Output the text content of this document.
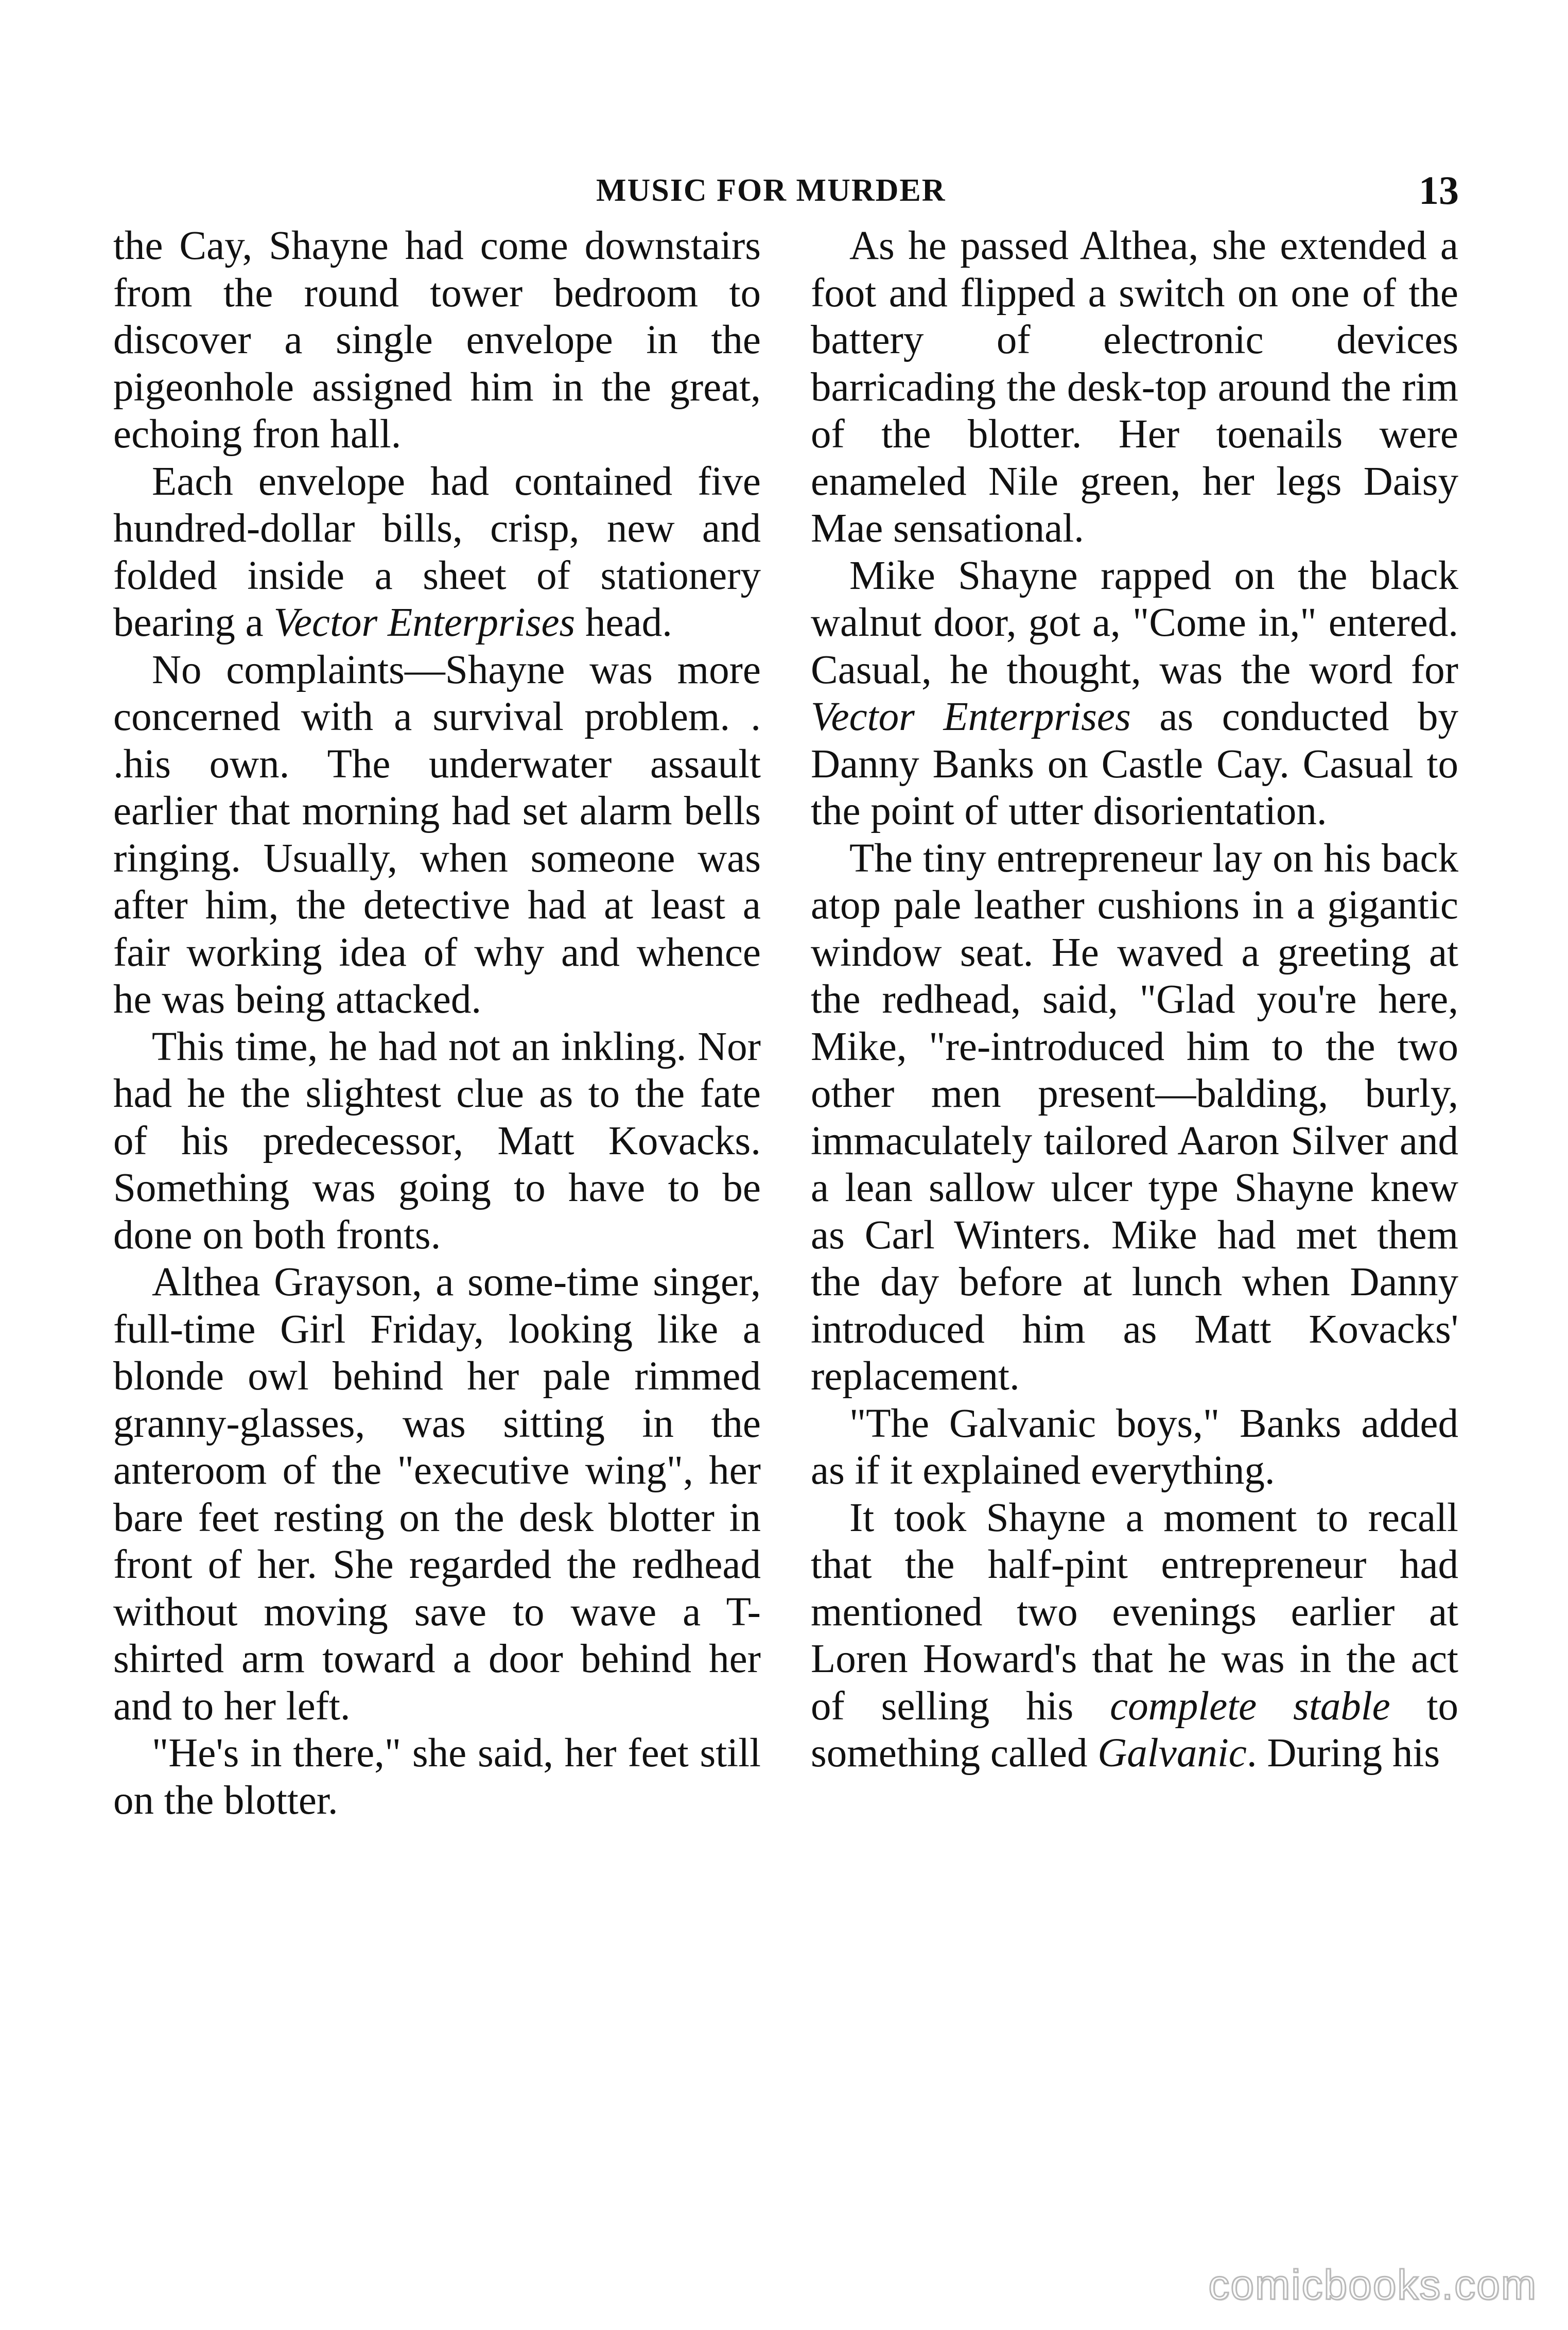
MUSIC FOR MURDER	13

the Cay, Shayne had come downstairs from the round tower bedroom to discover a single envelope in the pigeonhole assigned him in the great, echoing fron hall.

Each envelope had contained five hundred-dollar bills, crisp, new and folded inside a sheet of stationery bearing a Vector Enterprises head.

No complaints—Shayne was more concerned with a survival problem. . .his own. The underwater assault earlier that morning had set alarm bells ringing. Usually, when someone was after him, the detective had at least a fair working idea of why and whence he was being attacked.

This time, he had not an inkling. Nor had he the slightest clue as to the fate of his predecessor, Matt Kovacks. Something was going to have to be done on both fronts.

Althea Grayson, a some-time singer, full-time Girl Friday, looking like a blonde owl behind her pale rimmed granny-glasses, was sitting in the anteroom of the "executive wing", her bare feet resting on the desk blotter in front of her. She regarded the redhead without moving save to wave a T-shirted arm toward a door behind her and to her left.

"He's in there," she said, her feet still on the blotter.

As he passed Althea, she extended a foot and flipped a switch on one of the battery of electronic devices barricading the desk-top around the rim of the blotter. Her toenails were enameled Nile green, her legs Daisy Mae sensational.

Mike Shayne rapped on the black walnut door, got a, "Come in," entered. Casual, he thought, was the word for Vector Enterprises as conducted by Danny Banks on Castle Cay. Casual to the point of utter disorientation.

The tiny entrepreneur lay on his back atop pale leather cushions in a gigantic window seat. He waved a greeting at the redhead, said, "Glad you're here, Mike, "re-introduced him to the two other men present—balding, burly, immaculately tailored Aaron Silver and a lean sallow ulcer type Shayne knew as Carl Winters. Mike had met them the day before at lunch when Danny introduced him as Matt Kovacks' replacement.

"The Galvanic boys," Banks added as if it explained everything.

It took Shayne a moment to recall that the half-pint entrepreneur had mentioned two evenings earlier at Loren Howard's that he was in the act of selling his complete stable to something called Galvanic. During his

comicbooks.com
